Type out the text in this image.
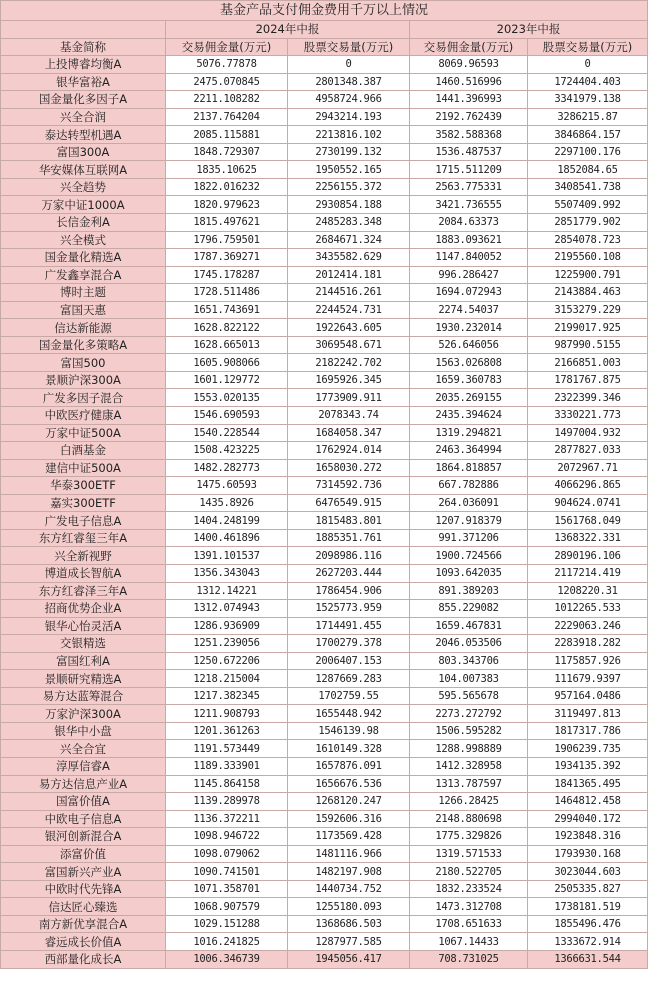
基金产品支付佣金费用千万以上情况				
	2024年中报		2023年中报	
基金简称	交易佣金量(万元)	股票交易量(万元)	交易佣金量(万元)	股票交易量(万元)
上投博睿均衡A	5076.77878	0	8069.96593	0
银华富裕A	2475.070845	2801348.387	1460.516996	1724404.403
国金量化多因子A	2211.108282	4958724.966	1441.396993	3341979.138
兴全合润	2137.764204	2943214.193	2192.762439	3286215.87
泰达转型机遇A	2085.115881	2213816.102	3582.588368	3846864.157
富国300A	1848.729307	2730199.132	1536.487537	2297100.176
华安媒体互联网A	1835.10625	1950552.165	1715.511209	1852084.65
兴全趋势	1822.016232	2256155.372	2563.775331	3408541.738
万家中证1000A	1820.979623	2930854.188	3421.736555	5507409.992
长信金利A	1815.497621	2485283.348	2084.63373	2851779.902
兴全模式	1796.759501	2684671.324	1883.093621	2854078.723
国金量化精选A	1787.369271	3435582.629	1147.840052	2195560.108
广发鑫享混合A	1745.178287	2012414.181	996.286427	1225900.791
博时主题	1728.511486	2144516.261	1694.072943	2143884.463
富国天惠	1651.743691	2244524.731	2274.54037	3153279.229
信达新能源	1628.822122	1922643.605	1930.232014	2199017.925
国金量化多策略A	1628.665013	3069548.671	526.646056	987990.5155
富国500	1605.908066	2182242.702	1563.026808	2166851.003
景顺沪深300A	1601.129772	1695926.345	1659.360783	1781767.875
广发多因子混合	1553.020135	1773909.911	2035.269155	2322399.346
中欧医疗健康A	1546.690593	2078343.74	2435.394624	3330221.773
万家中证500A	1540.228544	1684058.347	1319.294821	1497004.932
白酒基金	1508.423225	1762924.014	2463.364994	2877827.033
建信中证500A	1482.282773	1658030.272	1864.818857	2072967.71
华泰300ETF	1475.60593	7314592.736	667.782886	4066296.865
嘉实300ETF	1435.8926	6476549.915	264.036091	904624.0741
广发电子信息A	1404.248199	1815483.801	1207.918379	1561768.049
东方红睿玺三年A	1400.461896	1885351.761	991.371206	1368322.331
兴全新视野	1391.101537	2098986.116	1900.724566	2890196.106
博道成长智航A	1356.343043	2627203.444	1093.642035	2117214.419
东方红睿泽三年A	1312.14221	1786454.906	891.389203	1208220.31
招商优势企业A	1312.074943	1525773.959	855.229082	1012265.533
银华心怡灵活A	1286.936909	1714491.455	1659.467831	2229063.246
交银精选	1251.239056	1700279.378	2046.053506	2283918.282
富国红利A	1250.672206	2006407.153	803.343706	1175857.926
景顺研究精选A	1218.215004	1287669.283	104.007383	111679.9397
易方达蓝筹混合	1217.382345	1702759.55	595.565678	957164.0486
万家沪深300A	1211.908793	1655448.942	2273.272792	3119497.813
银华中小盘	1201.361263	1546139.98	1506.595282	1817317.786
兴全合宜	1191.573449	1610149.328	1288.998889	1906239.735
淳厚信睿A	1189.333901	1657876.091	1412.328958	1934135.392
易方达信息产业A	1145.864158	1656676.536	1313.787597	1841365.495
国富价值A	1139.289978	1268120.247	1266.28425	1464812.458
中欧电子信息A	1136.372211	1592606.316	2148.880698	2994040.172
银河创新混合A	1098.946722	1173569.428	1775.329826	1923848.316
添富价值	1098.079062	1481116.966	1319.571533	1793930.168
富国新兴产业A	1090.741501	1482197.908	2180.522705	3023044.603
中欧时代先锋A	1071.358701	1440734.752	1832.233524	2505335.827
信达匠心臻选	1068.907579	1255180.093	1473.312708	1738181.519
南方新优享混合A	1029.151288	1368686.503	1708.651633	1855496.476
睿远成长价值A	1016.241825	1287977.585	1067.14433	1333672.914
西部量化成长A	1006.346739	1945056.417	708.731025	1366631.544
